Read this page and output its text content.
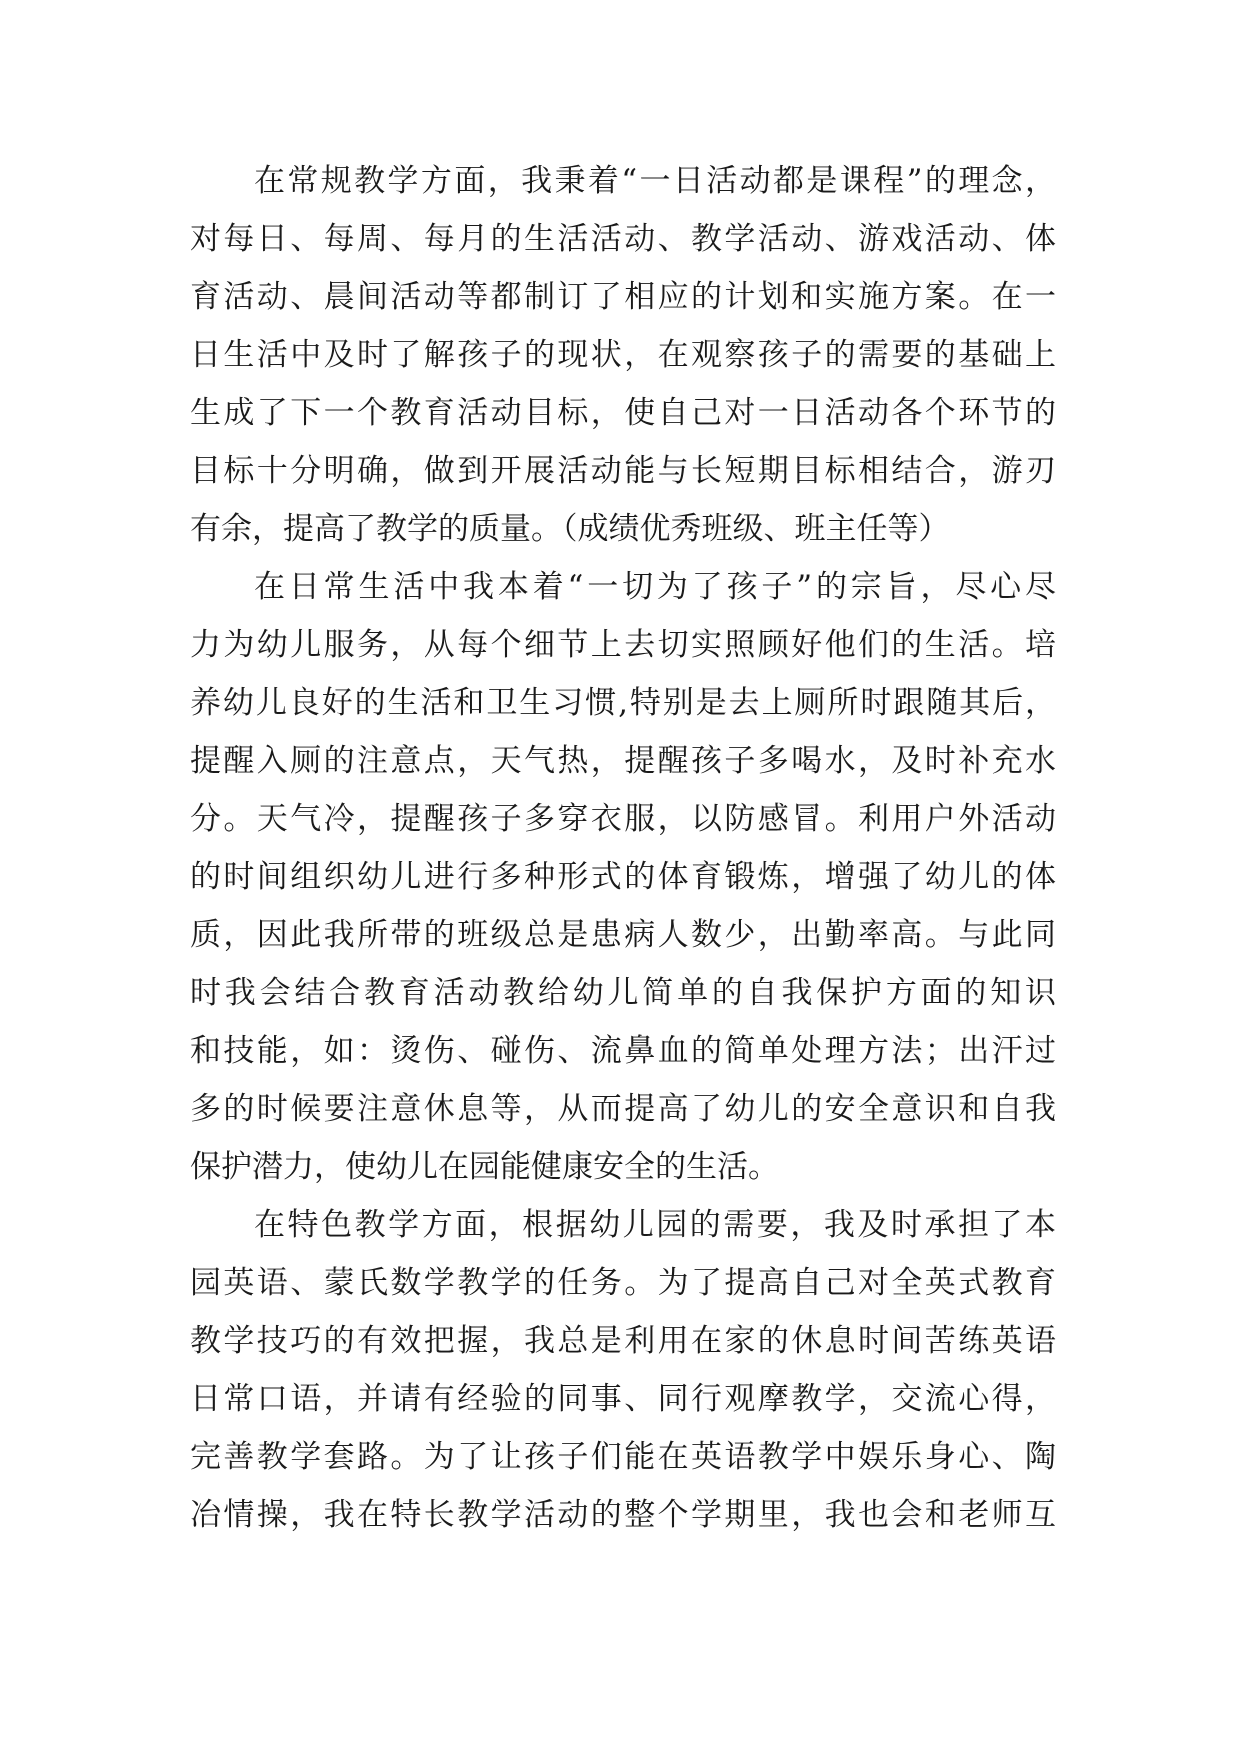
在常规教学方面，我秉着“一日活动都是课程”的理念，
对每日、每周、每月的生活活动、教学活动、游戏活动、体
育活动、晨间活动等都制订了相应的计划和实施方案。在一
日生活中及时了解孩子的现状，在观察孩子的需要的基础上
生成了下一个教育活动目标，使自己对一日活动各个环节的
目标十分明确，做到开展活动能与长短期目标相结合，游刃
有余，提高了教学的质量。（成绩优秀班级、班主任等）
在日常生活中我本着“一切为了孩子”的宗旨，尽心尽
力为幼儿服务，从每个细节上去切实照顾好他们的生活。培
养幼儿良好的生活和卫生习惯,特别是去上厕所时跟随其后，
提醒入厕的注意点，天气热，提醒孩子多喝水，及时补充水
分。天气冷，提醒孩子多穿衣服，以防感冒。利用户外活动
的时间组织幼儿进行多种形式的体育锻炼，增强了幼儿的体
质，因此我所带的班级总是患病人数少，出勤率高。与此同
时我会结合教育活动教给幼儿简单的自我保护方面的知识
和技能，如：烫伤、碰伤、流鼻血的简单处理方法；出汗过
多的时候要注意休息等，从而提高了幼儿的安全意识和自我
保护潜力，使幼儿在园能健康安全的生活。
在特色教学方面，根据幼儿园的需要，我及时承担了本
园英语、蒙氏数学教学的任务。为了提高自己对全英式教育
教学技巧的有效把握，我总是利用在家的休息时间苦练英语
日常口语，并请有经验的同事、同行观摩教学，交流心得，
完善教学套路。为了让孩子们能在英语教学中娱乐身心、陶
冶情操，我在特长教学活动的整个学期里，我也会和老师互
